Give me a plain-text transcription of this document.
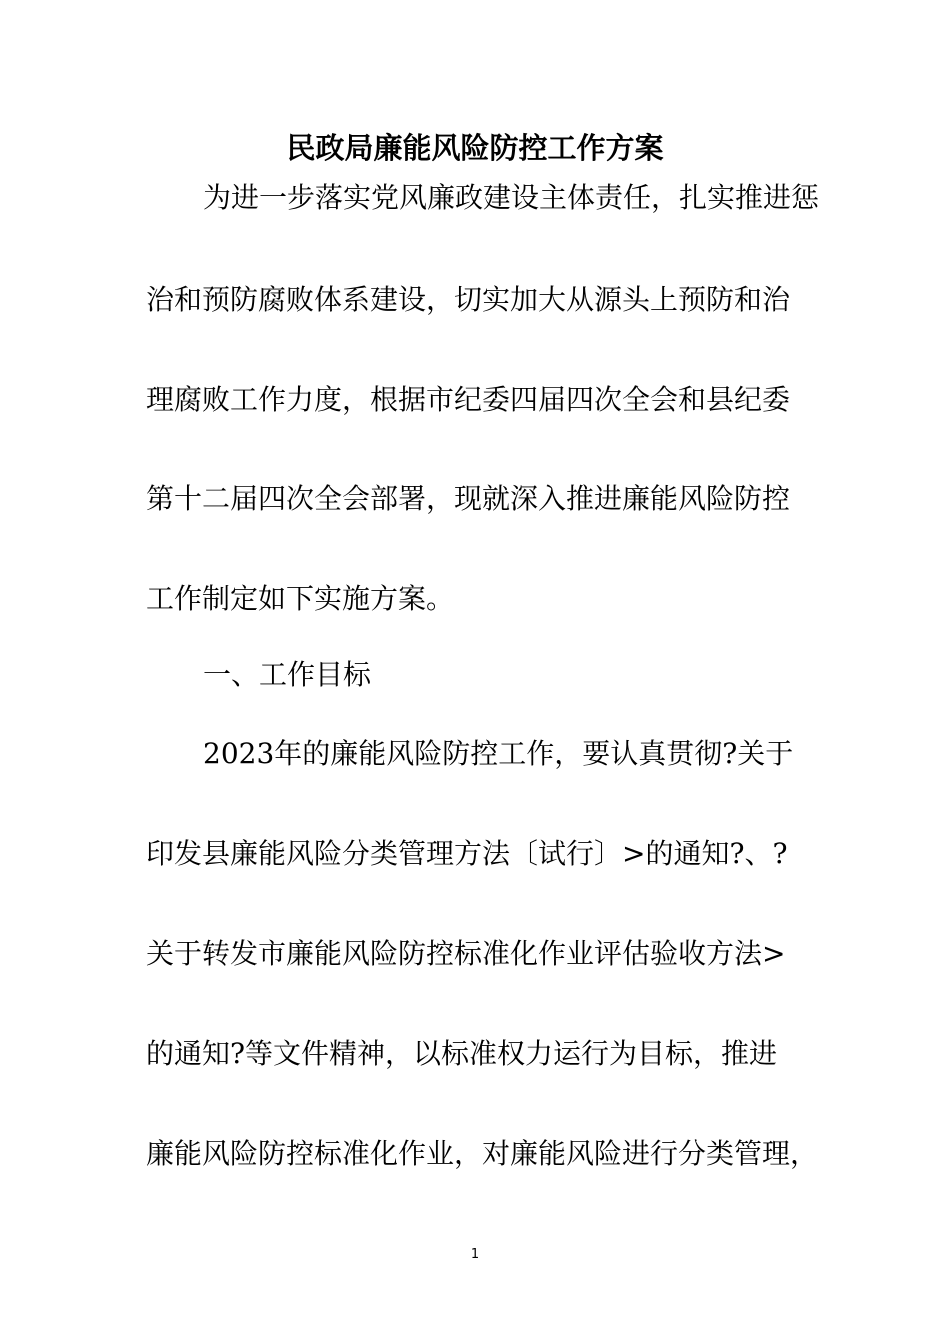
民政局廉能风险防控工作方案

为进一步落实党风廉政建设主体责任，扎实推进惩

治和预防腐败体系建设，切实加大从源头上预防和治

理腐败工作力度，根据市纪委四届四次全会和县纪委

第十二届四次全会部署，现就深入推进廉能风险防控

工作制定如下实施方案。

一、工作目标

2023年的廉能风险防控工作，要认真贯彻?关于

印发县廉能风险分类管理方法〔试行〕>的通知?、?

关于转发市廉能风险防控标准化作业评估验收方法>

的通知?等文件精神，以标准权力运行为目标，推进

廉能风险防控标准化作业，对廉能风险进行分类管理，

1
